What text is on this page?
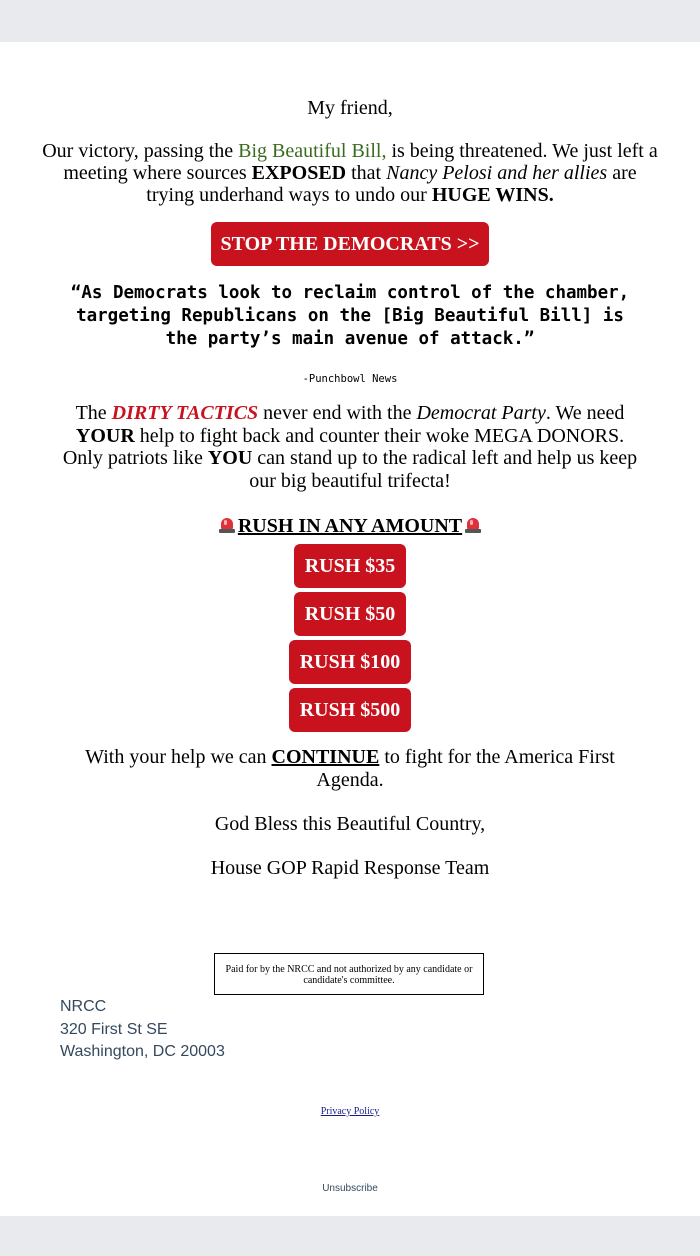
My friend,
Our victory, passing the Big Beautiful Bill, is being threatened. We just left a meeting where sources EXPOSED that Nancy Pelosi and her allies are trying underhand ways to undo our HUGE WINS.
STOP THE DEMOCRATS >>
“As Democrats look to reclaim control of the chamber, targeting Republicans on the [Big Beautiful Bill] is the party’s main avenue of attack.”
-Punchbowl News
The DIRTY TACTICS never end with the Democrat Party. We need YOUR help to fight back and counter their woke MEGA DONORS. Only patriots like YOU can stand up to the radical left and help us keep our big beautiful trifecta!
RUSH IN ANY AMOUNT
RUSH $35
RUSH $50
RUSH $100
RUSH $500
With your help we can CONTINUE to fight for the America First Agenda.
God Bless this Beautiful Country,
House GOP Rapid Response Team
Paid for by the NRCC and not authorized by any candidate or candidate's committee.
NRCC
320 First St SE
Washington, DC 20003
Privacy Policy
Unsubscribe
